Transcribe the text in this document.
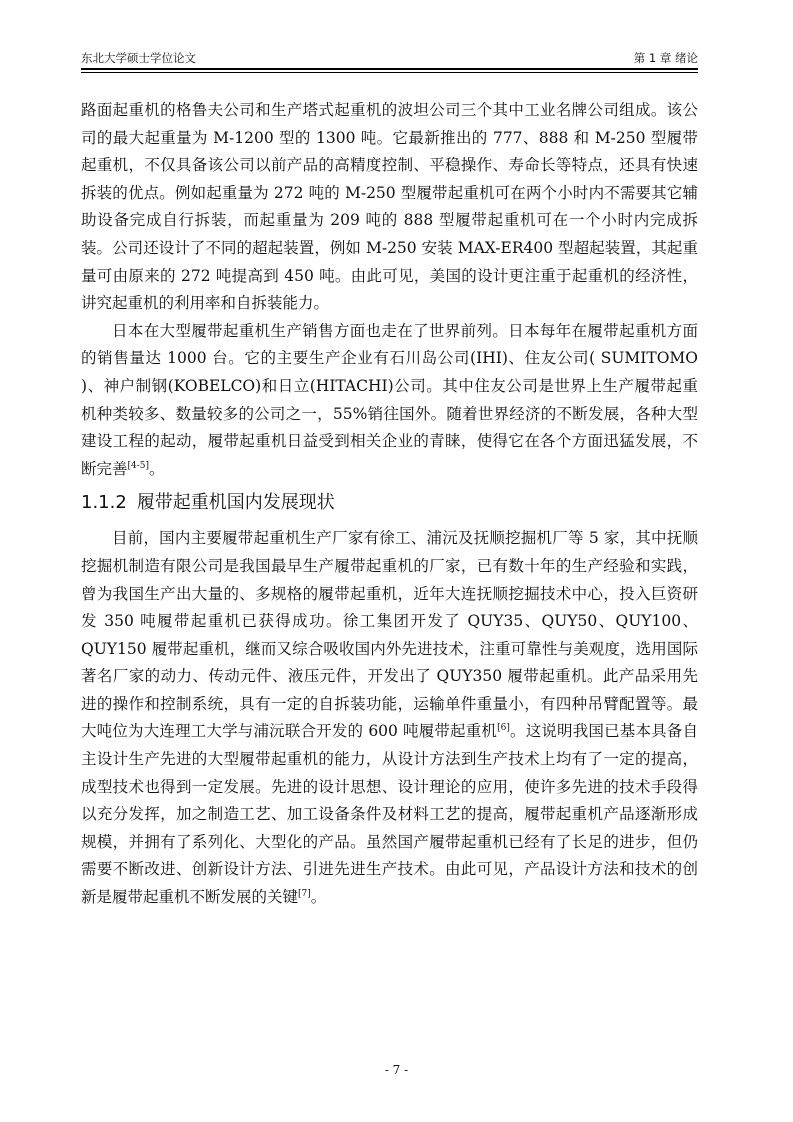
东北大学硕士学位论文	第 1 章 绪论

路面起重机的格鲁夫公司和生产塔式起重机的波坦公司三个其中工业名牌公司组成。该公司的最大起重量为 M-1200 型的 1300 吨。它最新推出的 777、888 和 M-250 型履带起重机，不仅具备该公司以前产品的高精度控制、平稳操作、寿命长等特点，还具有快速拆装的优点。例如起重量为 272 吨的 M-250 型履带起重机可在两个小时内不需要其它辅助设备完成自行拆装，而起重量为 209 吨的 888 型履带起重机可在一个小时内完成拆装。公司还设计了不同的超起装置，例如 M-250 安装 MAX-ER400 型超起装置，其起重量可由原来的 272 吨提高到 450 吨。由此可见，美国的设计更注重于起重机的经济性，讲究起重机的利用率和自拆装能力。

日本在大型履带起重机生产销售方面也走在了世界前列。日本每年在履带起重机方面的销售量达 1000 台。它的主要生产企业有石川岛公司(IHI)、住友公司( SUMITOMO )、神户制钢(KOBELCO)和日立(HITACHI)公司。其中住友公司是世界上生产履带起重机种类较多、数量较多的公司之一，55%销往国外。随着世界经济的不断发展，各种大型建设工程的起动，履带起重机日益受到相关企业的青睐，使得它在各个方面迅猛发展，不断完善[4-5]。

1.1.2 履带起重机国内发展现状

目前，国内主要履带起重机生产厂家有徐工、浦沅及抚顺挖掘机厂等 5 家，其中抚顺挖掘机制造有限公司是我国最早生产履带起重机的厂家，已有数十年的生产经验和实践，曾为我国生产出大量的、多规格的履带起重机，近年大连抚顺挖掘技术中心，投入巨资研发 350 吨履带起重机已获得成功。徐工集团开发了 QUY35、QUY50、QUY100、QUY150 履带起重机，继而又综合吸收国内外先进技术，注重可靠性与美观度，选用国际著名厂家的动力、传动元件、液压元件，开发出了 QUY350 履带起重机。此产品采用先进的操作和控制系统，具有一定的自拆装功能，运输单件重量小，有四种吊臂配置等。最大吨位为大连理工大学与浦沅联合开发的 600 吨履带起重机[6]。这说明我国已基本具备自主设计生产先进的大型履带起重机的能力，从设计方法到生产技术上均有了一定的提高，成型技术也得到一定发展。先进的设计思想、设计理论的应用，使许多先进的技术手段得以充分发挥，加之制造工艺、加工设备条件及材料工艺的提高，履带起重机产品逐渐形成规模，并拥有了系列化、大型化的产品。虽然国产履带起重机已经有了长足的进步，但仍需要不断改进、创新设计方法、引进先进生产技术。由此可见，产品设计方法和技术的创新是履带起重机不断发展的关键[7]。

- 7 -
